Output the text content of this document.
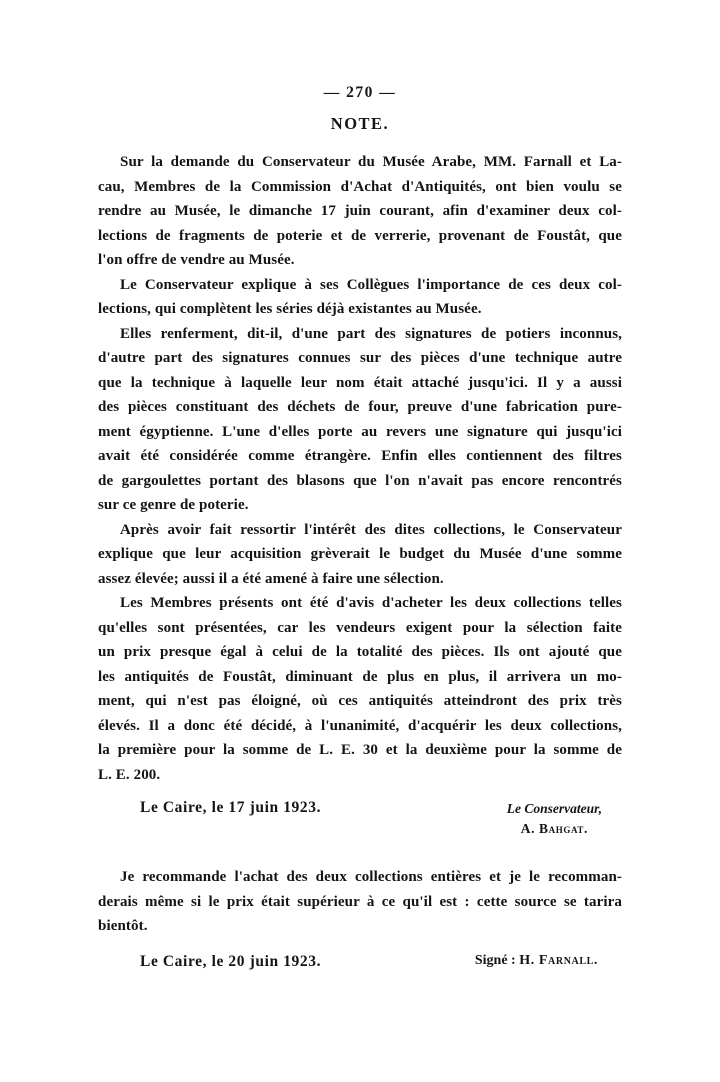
— 270 —
NOTE.
Sur la demande du Conservateur du Musée Arabe, MM. Farnall et La-
cau, Membres de la Commission d'Achat d'Antiquités, ont bien voulu se
rendre au Musée, le dimanche 17 juin courant, afin d'examiner deux col-
lections de fragments de poterie et de verrerie, provenant de Foustât, que
l'on offre de vendre au Musée.
Le Conservateur explique à ses Collègues l'importance de ces deux col-
lections, qui complètent les séries déjà existantes au Musée.
Elles renferment, dit-il, d'une part des signatures de potiers inconnus,
d'autre part des signatures connues sur des pièces d'une technique autre
que la technique à laquelle leur nom était attaché jusqu'ici. Il y a aussi
des pièces constituant des déchets de four, preuve d'une fabrication pure-
ment égyptienne. L'une d'elles porte au revers une signature qui jusqu'ici
avait été considérée comme étrangère. Enfin elles contiennent des filtres
de gargoulettes portant des blasons que l'on n'avait pas encore rencontrés
sur ce genre de poterie.
Après avoir fait ressortir l'intérêt des dites collections, le Conservateur
explique que leur acquisition grèverait le budget du Musée d'une somme
assez élevée; aussi il a été amené à faire une sélection.
Les Membres présents ont été d'avis d'acheter les deux collections telles
qu'elles sont présentées, car les vendeurs exigent pour la sélection faite
un prix presque égal à celui de la totalité des pièces. Ils ont ajouté que
les antiquités de Foustât, diminuant de plus en plus, il arrivera un mo-
ment, qui n'est pas éloigné, où ces antiquités atteindront des prix très
élevés. Il a donc été décidé, à l'unanimité, d'acquérir les deux collections,
la première pour la somme de L. E. 30 et la deuxième pour la somme de
L. E. 200.
Le Caire, le 17 juin 1923.	Le Conservateur,
A. Bahgat.
Je recommande l'achat des deux collections entières et je le recomman-
derais même si le prix était supérieur à ce qu'il est : cette source se tarira
bientôt.
Le Caire, le 20 juin 1923.	Signé : H. Farnall.
